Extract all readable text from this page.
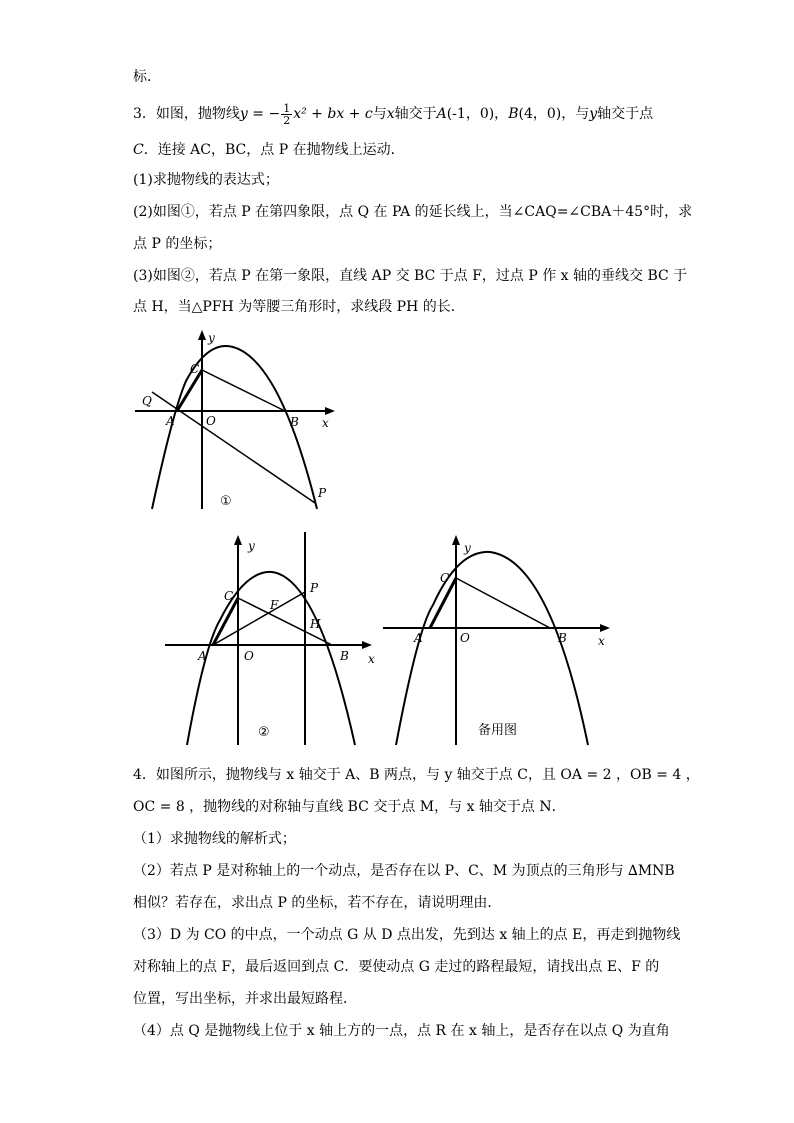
标．
3．如图，抛物线y = − $\frac{1}{2} x^2$ + bx + c与x轴交于A(-1，0)，B(4，0)，与y轴交于点
C．连接 AC，BC，点 P 在抛物线上运动．
(1)求抛物线的表达式；
(2)如图①，若点 P 在第四象限，点 Q 在 PA 的延长线上，当∠CAQ=∠CBA＋45°时，求
点 P 的坐标；
(3)如图②，若点 P 在第一象限，直线 AP 交 BC 于点 F，过点 P 作 x 轴的垂线交 BC 于
点 H，当△PFH 为等腰三角形时，求线段 PH 的长．
y
x
C
Q
A	O	B
P
①
y
x
C
F
P
H
A	O	B
②
y
x
C
A	O	B
备用图
4．如图所示，抛物线与 x 轴交于 A、B 两点，与 y 轴交于点 C，且 OA = 2 ，OB = 4 ，
OC = 8 ，抛物线的对称轴与直线 BC 交于点 M，与 x 轴交于点 N．
（1）求抛物线的解析式；
（2）若点 P 是对称轴上的一个动点，是否存在以 P、C、M 为顶点的三角形与 ∆MNB
相似？若存在，求出点 P 的坐标，若不存在，请说明理由．
（3）D 为 CO 的中点，一个动点 G 从 D 点出发，先到达 x 轴上的点 E，再走到抛物线
对称轴上的点 F，最后返回到点 C．要使动点 G 走过的路程最短，请找出点 E、F 的
位置，写出坐标，并求出最短路程．
（4）点 Q 是抛物线上位于 x 轴上方的一点，点 R 在 x 轴上，是否存在以点 Q 为直角
